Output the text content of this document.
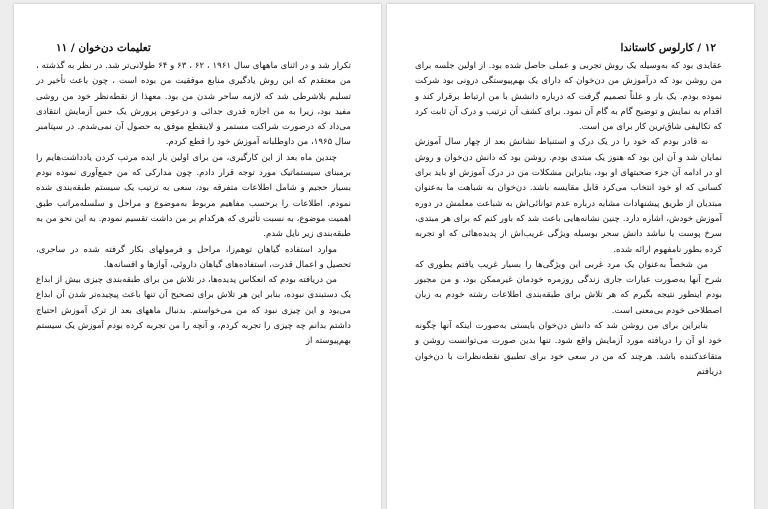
تعلیمات دن‌خوان / ۱۱

تکرار شد و در اثنای ماههای سال ۱۹۶۱ ، ۶۲ ، ۶۳ و ۶۴ طولانی‌تر شد. در نظر به گذشته ، من معتقدم که این روش یادگیری منابع موفقیت من بوده است ، چون باعث تأخیر در تسلیم بلاشرطی شد که لازمه ساحر شدن من بود. معهذا از نقطه‌نظر خود من روشی مفید بود، زیرا به من اجازه قدری جدائی و درعوض پرورش یک حس آزمایش انتقادی می‌داد که درصورت شراکت مستمر و لاینقطع موفق به حصول آن نمی‌شدم. در سپتامبر سال ۱۹۶۵، من داوطلبانه آموزش خود را قطع کردم.

چندین ماه بعد از این کارگیری، من برای اولین بار ایده مرتب کردن یادداشت‌هایم را برمبنای سیستماتیک مورد توجه قرار دادم. چون مدارکی که من جمع‌آوری نموده بودم بسیار حجیم و شامل اطلاعات متفرقه بود، سعی به ترتیب یک سیستم طبقه‌بندی شده نمودم. اطلاعات را برحسب مفاهیم مربوط به‌موضوع و مراحل و سلسله‌مراتب طبق اهمیت موضوع، به نسبت تأثیری که هرکدام بر من داشت تقسیم نمودم. به این نحو من به طبقه‌بندی زیر نایل شدم.

موارد استفاده گیاهان توهم‌زا، مراحل و فرمولهای بکار گرفته شده در ساحری، تحصیل و اعمال قدرت، استفاده‌های گیاهان داروئی، آوازها و افسانه‌ها.

من دریافته بودم که انعکاس پدیده‌ها، در تلاش من برای طبقه‌بندی چیزی بیش از ابداع یک دستبندی نبوده، بنابر این هر تلاش برای تصحیح آن تنها باعث پیچیده‌تر شدن آن ابداع می‌بود و این چیزی نبود که من می‌خواستم. بدنبال ماههای بعد از ترک آموزش احتیاج داشتم بدانم چه چیزی را تجربه کردم، و آنچه را من تجربه کرده بودم آموزش یک سیستم بهم‌پیوسته از

۱۲ / کارلوس کاستاندا

عقایدی بود که به‌وسیله یک روش تجربی و عملی حاصل شده بود. از اولین جلسه برای من روشن بود که درآموزش من دن‌خوان که دارای یک بهم‌پیوستگی درونی بود شرکت نموده بودم. یک بار و علناً تصمیم گرفت که درباره دانشش با من ارتباط برقرار کند و اقدام به نمایش و توضیح گام به گام آن نمود. برای کشف آن ترتیب و درک آن ثابت کرد که تکالیفی شاق‌ترین کار برای من است.

نه قادر بودم که خود را در یک درک و استنباط نشانش بعد از چهار سال آموزش نمایان شد و آن این بود که هنوز یک مبتدی بودم. روشن بود که دانش دن‌خوان و روش او در ادامه آن جزء صحبتهای او بود، بنابراین مشکلات من در درک آموزش او باید برای کسانی که او خود انتخاب می‌کرد قابل مقایسه باشد. دن‌خوان به شباهت ما به‌عنوان مبتدیان از طریق پیشنهادات مشابه درباره عدم توانائی‌اش به شباعت معلمش در دوره آموزش خودش، اشاره دارد. چنین نشانه‌هایی باعث شد که باور کنم که برای هر مبتدی، سرخ پوست یا نباشد دانش سحر بوسیله ویژگی غریب‌اش از پدیده‌هائی که او تجربه کرده بطور نامفهوم ارائه شده.

من شخصاً به‌عنوان یک مرد غربی این ویژگی‌ها را بسیار غریب یافتم بطوری که شرح آنها به‌صورت عبارات جاری زندگی روزمره خودمان غیرممکن بود، و من مجبور بودم اینطور نتیجه بگیرم که هر تلاش برای طبقه‌بندی اطلاعات رشته خودم به زبان اصطلاحی خودم بی‌معنی است.

بنابراین برای من روشن شد که دانش دن‌خوان بایستی به‌صورت اینکه آنها چگونه خود او آن را دریافته مورد آزمایش واقع شود. تنها بدین صورت می‌توانست روشن و متقاعدکننده باشد. هرچند که من در سعی خود برای تطبیق نقطه‌نظرات با دن‌خوان دریافتم
